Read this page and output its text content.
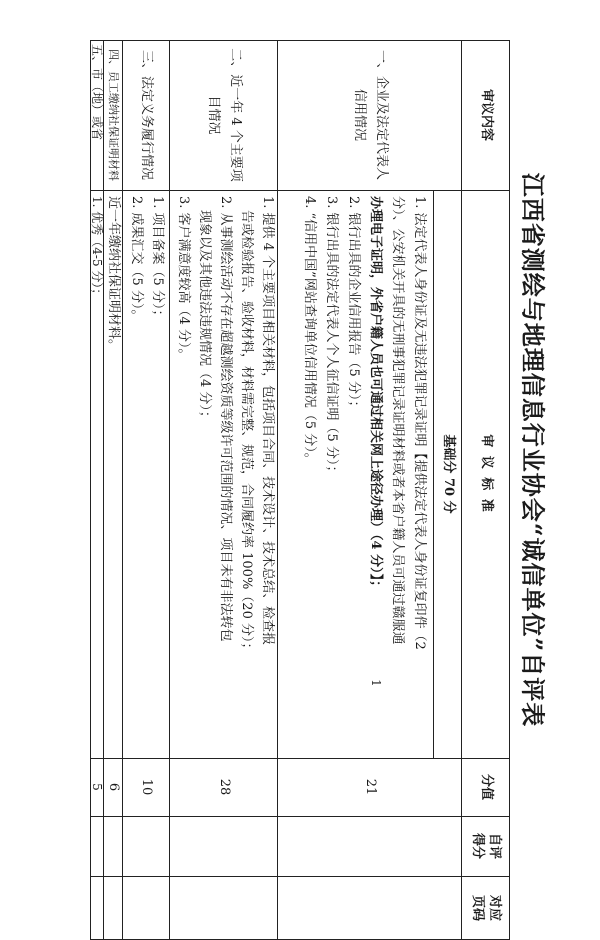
江西省测绘与地理信息行业协会“诚信单位”自评表
审议内容
审 议 标 准
分值
自评得分
对应页码
基础分 70 分
一、企业及法定代表人信用情况
1. 法定代表人身份证及无违法犯罪记录证明【提供法定代表人身份证复印件（2
分）、公安机关开具的无刑事犯罪记录证明材料或者本省户籍人员可通过赣服通
办理电子证明，外省户籍人员也可通过相关网上途径办理）（4 分）】；
2. 银行出具的企业信用报告（5 分）；
3. 银行出具的法定代表人个人征信证明（5 分）；
4. “信用中国”网站查询单位信用情况（5 分）。
21
二、近一年 4 个主要项目情况
1. 提供 4 个主要项目相关材料，包括项目合同、技术设计、技术总结、检查报
告或检验报告、验收材料，材料需完整、规范，合同履约率 100%（20 分）；
2. 从事测绘活动不存在超越测绘资质等级许可范围的情况、项目未有非法转包
现象以及其他违法违规情况（4 分）；
3. 客户满意度较高（4 分）。
28
三、法定义务履行情况
1. 项目备案（5 分）；
2. 成果汇交（5 分）。
10
四、员工缴纳社保证明材料
近一年缴纳社保证明材料。
6
五、市（地）或省
1. 优秀（4-5 分）；
5
1
